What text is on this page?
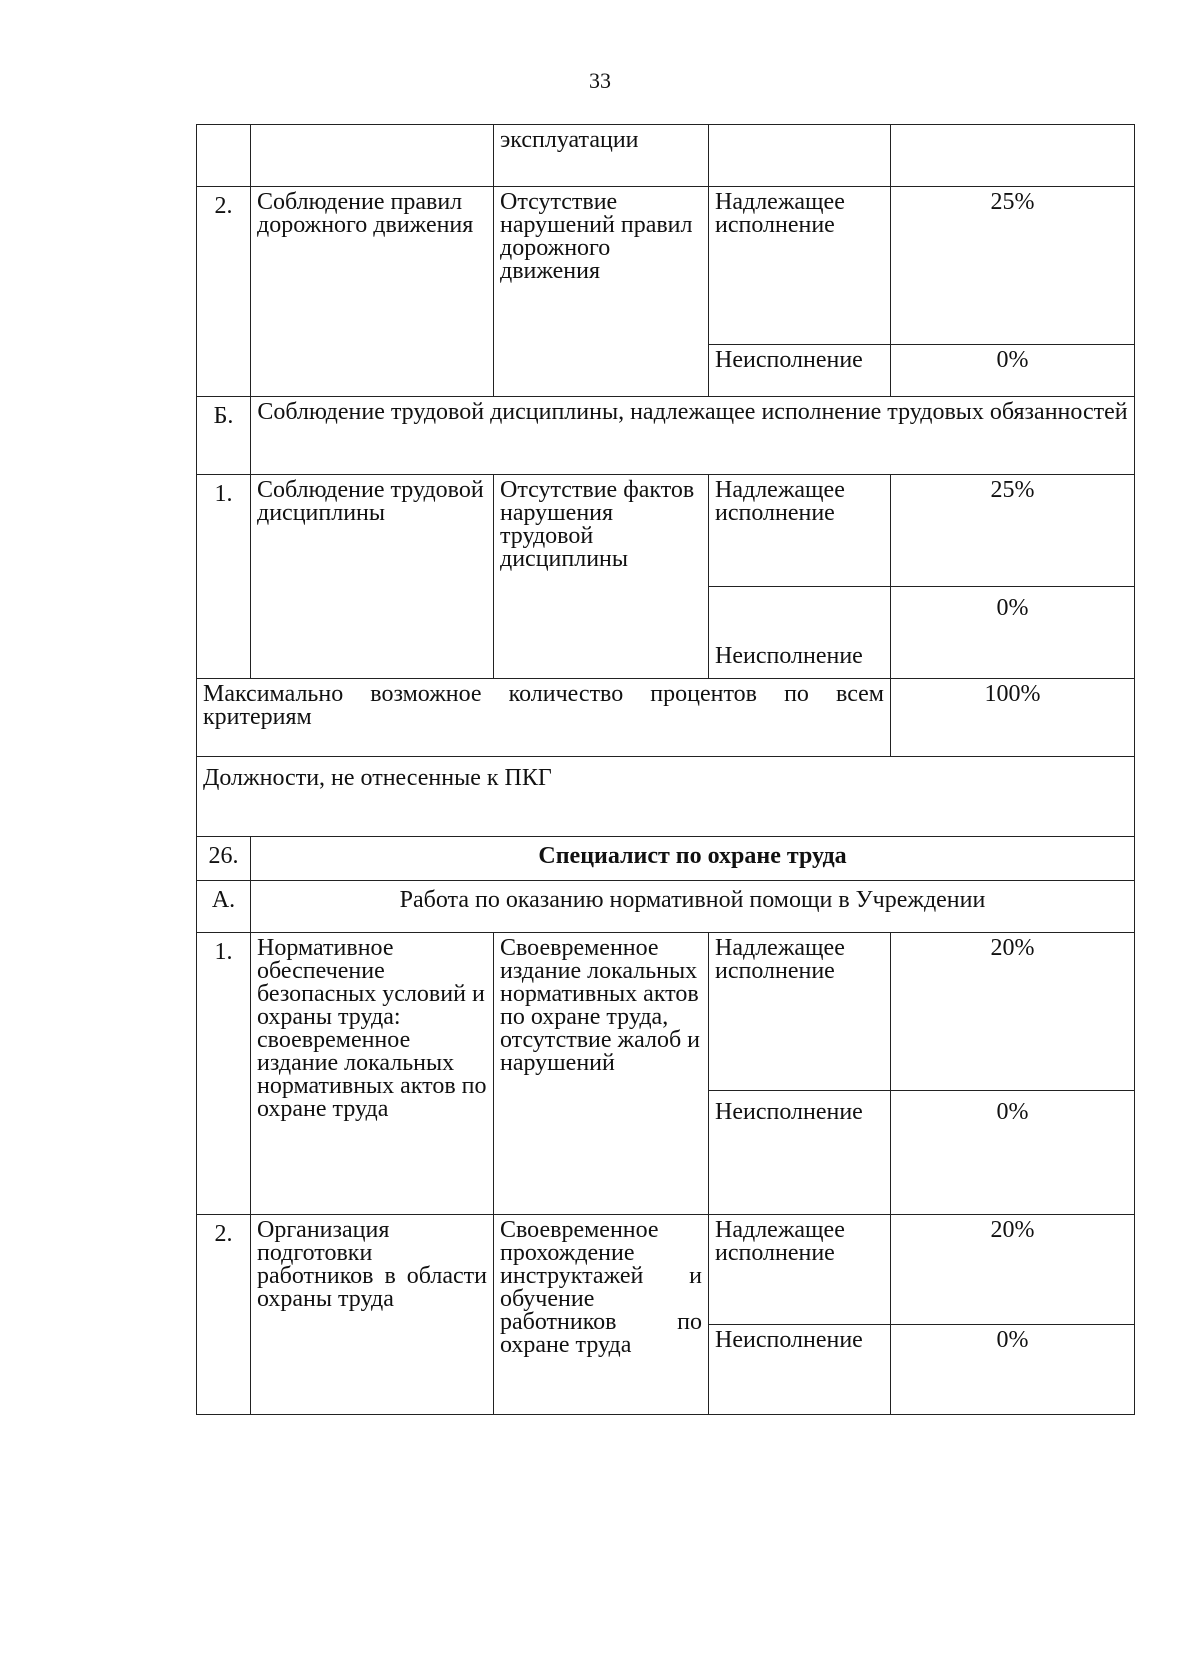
33
		эксплуатации		
2.	Соблюдение правил дорожного движения	Отсутствие нарушений правил дорожного движения	Надлежащее исполнение	25%
			Неисполнение	0%
Б.	Соблюдение трудовой дисциплины, надлежащее исполнение трудовых обязанностей			
1.	Соблюдение трудовой дисциплины	Отсутствие фактов нарушения трудовой дисциплины	Надлежащее исполнение	25%
			Неисполнение	0%
Максимально возможное количество процентов по всем критериям				100%
Должности, не отнесенные к ПКГ				
26.	Специалист по охране труда			
А.	Работа по оказанию нормативной помощи в Учреждении			
1.	Нормативное обеспечение безопасных условий и охраны труда: своевременное издание локальных нормативных актов по охране труда	Своевременное издание локальных нормативных актов по охране труда, отсутствие жалоб и нарушений	Надлежащее исполнение	20%
			Неисполнение	0%
2.	Организация подготовки работников в области охраны труда	Своевременное прохождение инструктажей и обучение работников по охране труда	Надлежащее исполнение	20%
			Неисполнение	0%
